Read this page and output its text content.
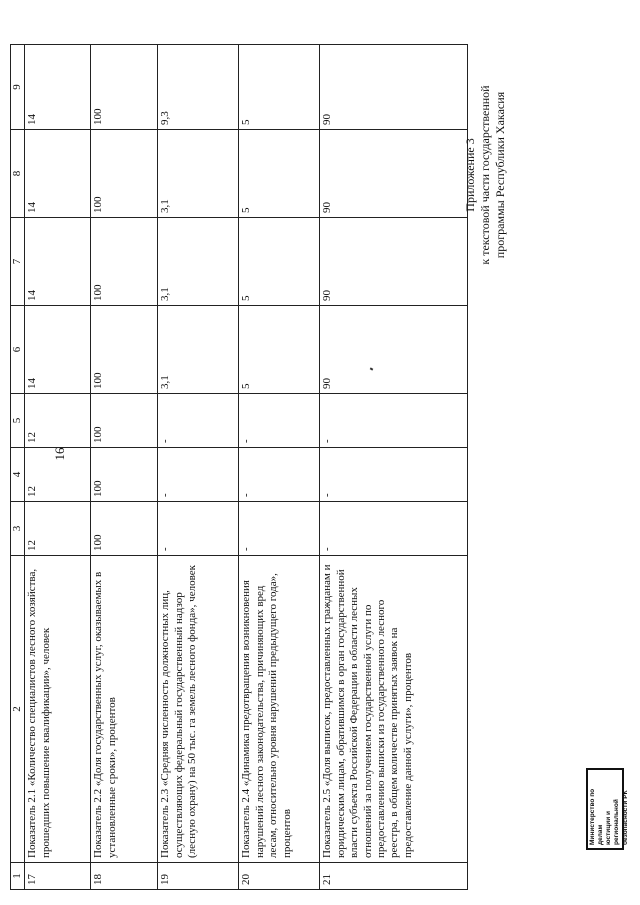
16
1	2	3	4	5	6	7	8	9
17	Показатель 2.1 «Количество специалистов лесного хозяйства, прошедших повышение квалификации», человек	12	12	12	14	14	14	14
18	Показатель 2.2 «Доля государственных услуг, оказываемых в установленные сроки», процентов	100	100	100	100	100	100	100
19	Показатель 2.3 «Средняя численность должностных лиц, осуществляющих федеральный государственный надзор (лесную охрану) на 50 тыс. га земель лесного фонда», человек	-	-	-	3,1	3,1	3,1	9,3
20	Показатель 2.4 «Динамика предотвращения возникновения нарушений лесного законодательства, причиняющих вред лесам, относительно уровня нарушений предыдущего года», процентов	-	-	-	5	5	5	5
21	Показатель 2.5 «Доля выписок, предоставленных гражданам и юридическим лицам, обратившимся в орган государственной власти субъекта Российской Федерации в области лесных отношений за получением государственной услуги по предоставлению выписки из государственного лесного реестра, в общем количестве принятых заявок на предоставление данной услуги», процентов	-	-	-	90	90	90	90
Приложение 3 к текстовой части государственной программы Республики Хакасия
Министерство по делам юстиции и региональной безопасности РК
